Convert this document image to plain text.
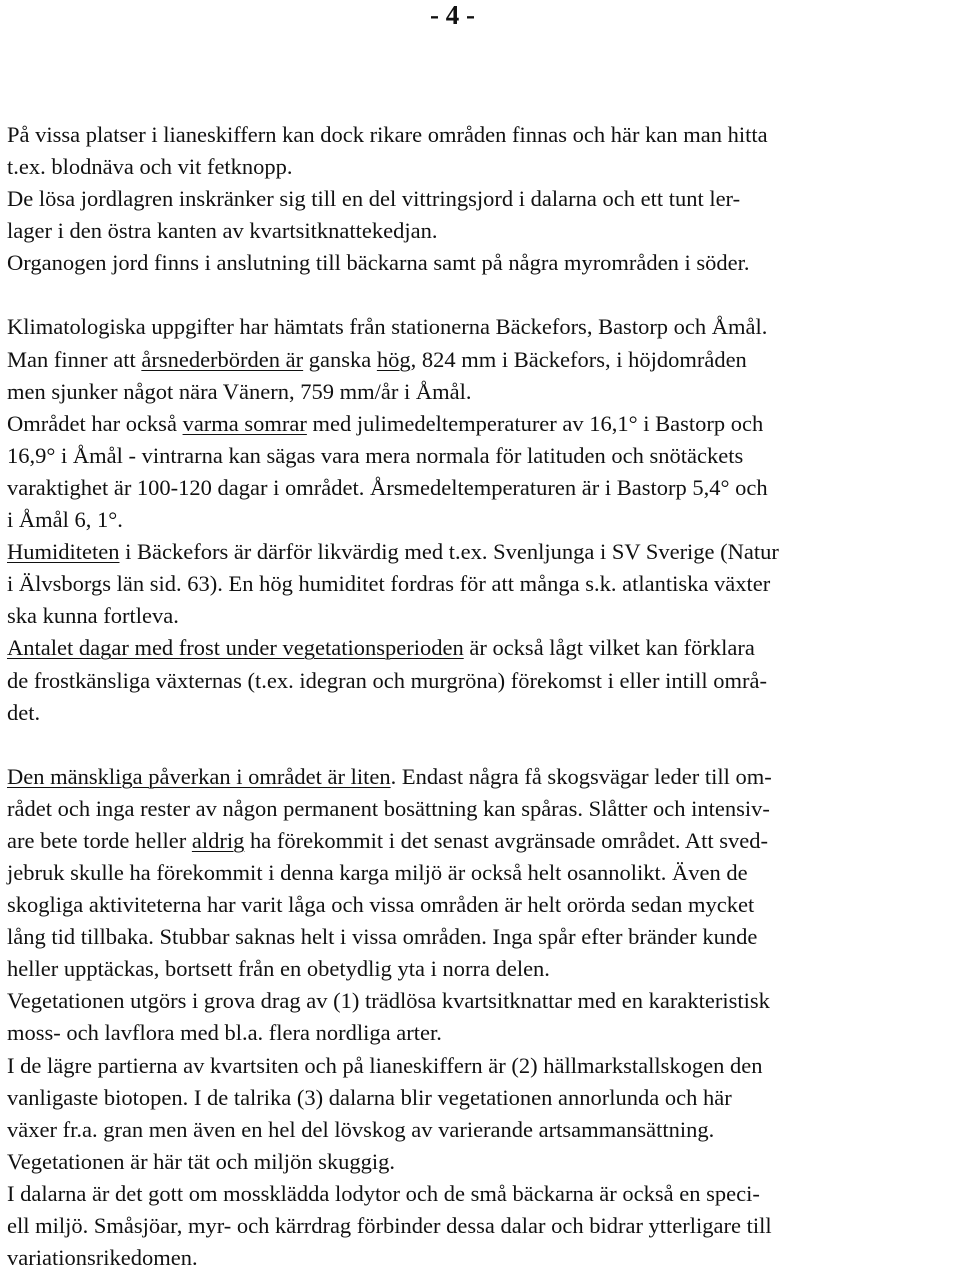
- 4 -
På vissa platser i lianeskiffern kan dock rikare områden finnas och här kan man hitta
t.ex. blodnäva och vit fetknopp.
De lösa jordlagren inskränker sig till en del vittringsjord i dalarna och ett tunt ler-
lager i den östra kanten av kvartsitknattekedjan.
Organogen jord finns i anslutning till bäckarna samt på några myrområden i söder.
Klimatologiska uppgifter har hämtats från stationerna Bäckefors, Bastorp och Åmål.
Man finner att årsnederbörden är ganska hög, 824 mm i Bäckefors, i höjdområden
men sjunker något nära Vänern, 759 mm/år i Åmål.
Området har också varma somrar med julimedeltemperaturer av 16,1° i Bastorp och
16,9° i Åmål - vintrarna kan sägas vara mera normala för latituden och snötäckets
varaktighet är 100-120 dagar i området. Årsmedeltemperaturen är i Bastorp 5,4° och
i Åmål 6, 1°.
Humiditeten i Bäckefors är därför likvärdig med t.ex. Svenljunga i SV Sverige (Natur
i Älvsborgs län sid. 63). En hög humiditet fordras för att många s.k. atlantiska växter
ska kunna fortleva.
Antalet dagar med frost under vegetationsperioden är också lågt vilket kan förklara
de frostkänsliga växternas (t.ex. idegran och murgröna) förekomst i eller intill områ-
det.
Den mänskliga påverkan i området är liten. Endast några få skogsvägar leder till om-
rådet och inga rester av någon permanent bosättning kan spåras. Slåtter och intensiv-
are bete torde heller aldrig ha förekommit i det senast avgränsade området. Att sved-
jebruk skulle ha förekommit i denna karga miljö är också helt osannolikt. Även de
skogliga aktiviteterna har varit låga och vissa områden är helt orörda sedan mycket
lång tid tillbaka. Stubbar saknas helt i vissa områden. Inga spår efter bränder kunde
heller upptäckas, bortsett från en obetydlig yta i norra delen.
Vegetationen utgörs i grova drag av (1) trädlösa kvartsitknattar med en karakteristisk
moss- och lavflora med bl.a. flera nordliga arter.
I de lägre partierna av kvartsiten och på lianeskiffern är (2) hällmarkstallskogen den
vanligaste biotopen. I de talrika (3) dalarna blir vegetationen annorlunda och här
växer fr.a. gran men även en hel del lövskog av varierande artsammansättning.
Vegetationen är här tät och miljön skuggig.
I dalarna är det gott om mossklädda lodytor och de små bäckarna är också en speci-
ell miljö. Småsjöar, myr- och kärrdrag förbinder dessa dalar och bidrar ytterligare till
variationsrikedomen.
